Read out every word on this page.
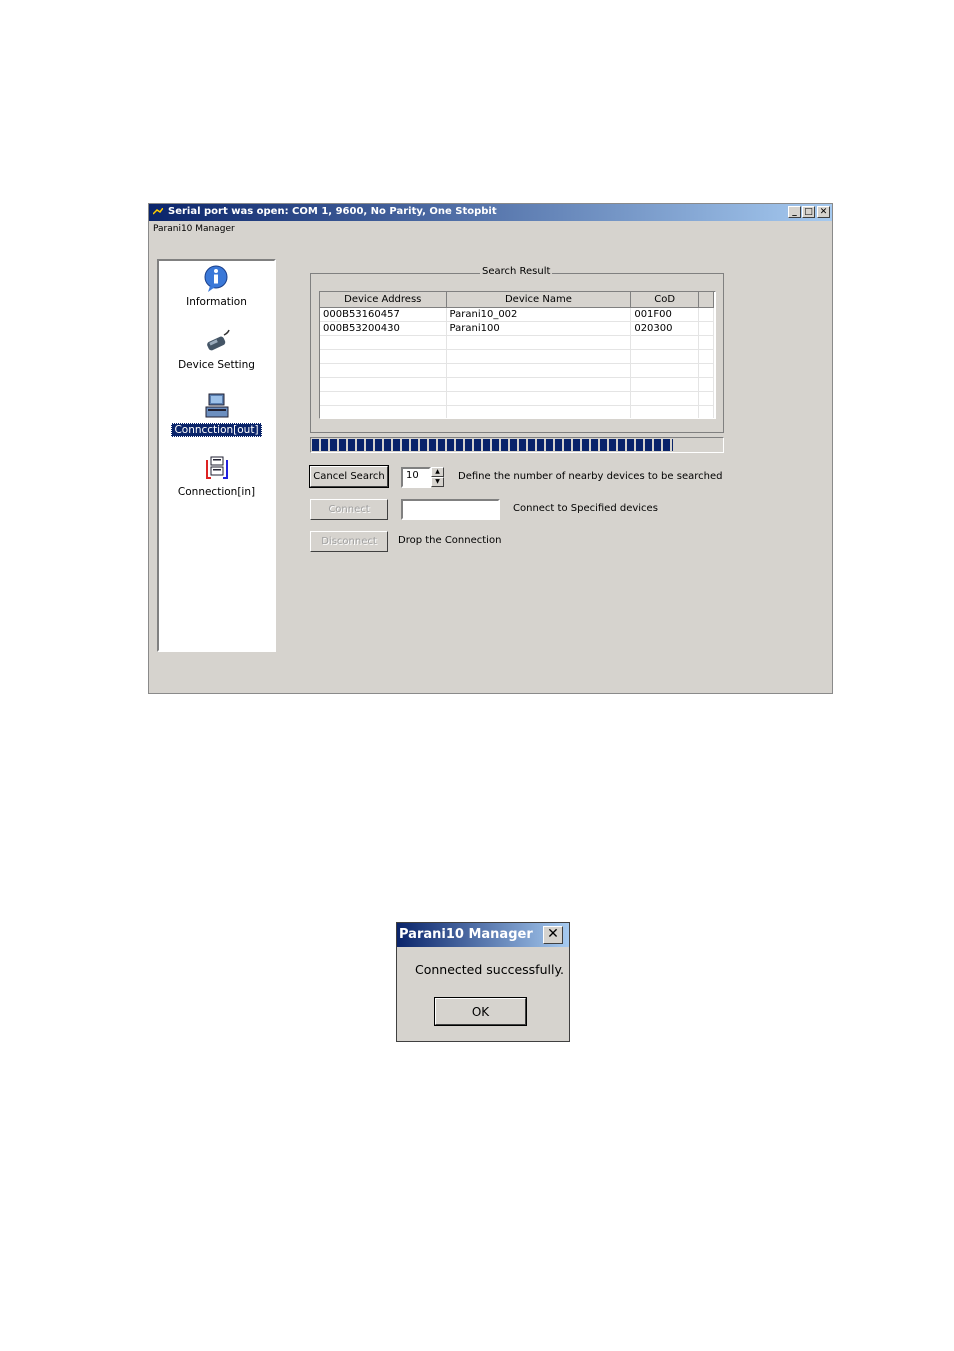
Serial port was open: COM 1, 9600, No Parity, One Stopbit	_ □ ✕
Parani10 Manager
Information
Device Setting
Conncction[out]
Connection[in]
Search Result
Device Address	Device Name	CoD	
000B53160457	Parani10_002	001F00	
000B53200430	Parani100	020300	

Cancel Search	10	▲
▼	Define the number of nearby devices to be searched
Connect	Connect to Specified devices
Disconnect	Drop the Connection
Parani10 Manager ✕
Connected successfully.
OK
